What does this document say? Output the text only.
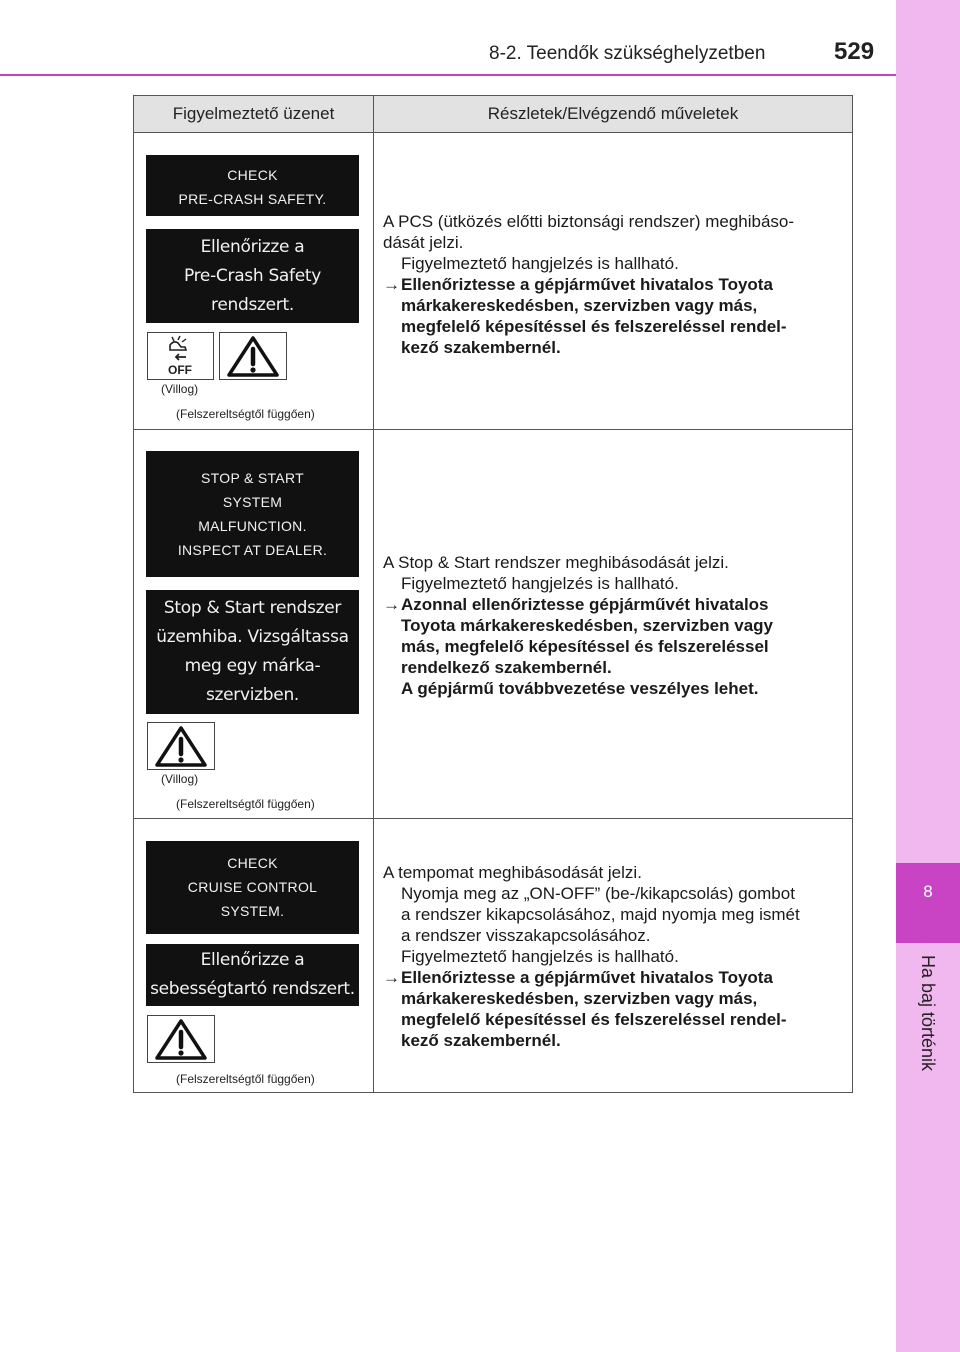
8
Ha baj történik
8-2. Teendők szükséghelyzetben	529
Figyelmeztető üzenet	Részletek/Elvégzendő műveletek
CHECK
PRE-CRASH SAFETY.
Ellenőrizze a
Pre-Crash Safety
rendszert.
OFF
(Villog)
(Felszereltségtől függően)

A PCS (ütközés előtti biztonsági rendszer) meghibáso-

dását jelzi.

Figyelmeztető hangjelzés is hallható.

→ Ellenőriztesse a gépjárművet hivatalos Toyota

márkakereskedésben, szervizben vagy más,

megfelelő képesítéssel és felszereléssel rendel-

kező szakembernél.

STOP & START
SYSTEM
MALFUNCTION.
INSPECT AT DEALER.
Stop & Start rendszer
üzemhiba. Vizsgáltassa
meg egy márka-
szervizben.
(Villog)
(Felszereltségtől függően)

A Stop & Start rendszer meghibásodását jelzi.

Figyelmeztető hangjelzés is hallható.

→ Azonnal ellenőriztesse gépjárművét hivatalos

Toyota márkakereskedésben, szervizben vagy

más, megfelelő képesítéssel és felszereléssel

rendelkező szakembernél.

A gépjármű továbbvezetése veszélyes lehet.

CHECK
CRUISE CONTROL
SYSTEM.
Ellenőrizze a
sebességtartó rendszert.
(Felszereltségtől függően)

A tempomat meghibásodását jelzi.

Nyomja meg az „ON-OFF” (be-/kikapcsolás) gombot

a rendszer kikapcsolásához, majd nyomja meg ismét

a rendszer visszakapcsolásához.

Figyelmeztető hangjelzés is hallható.

→ Ellenőriztesse a gépjárművet hivatalos Toyota

márkakereskedésben, szervizben vagy más,

megfelelő képesítéssel és felszereléssel rendel-

kező szakembernél.
